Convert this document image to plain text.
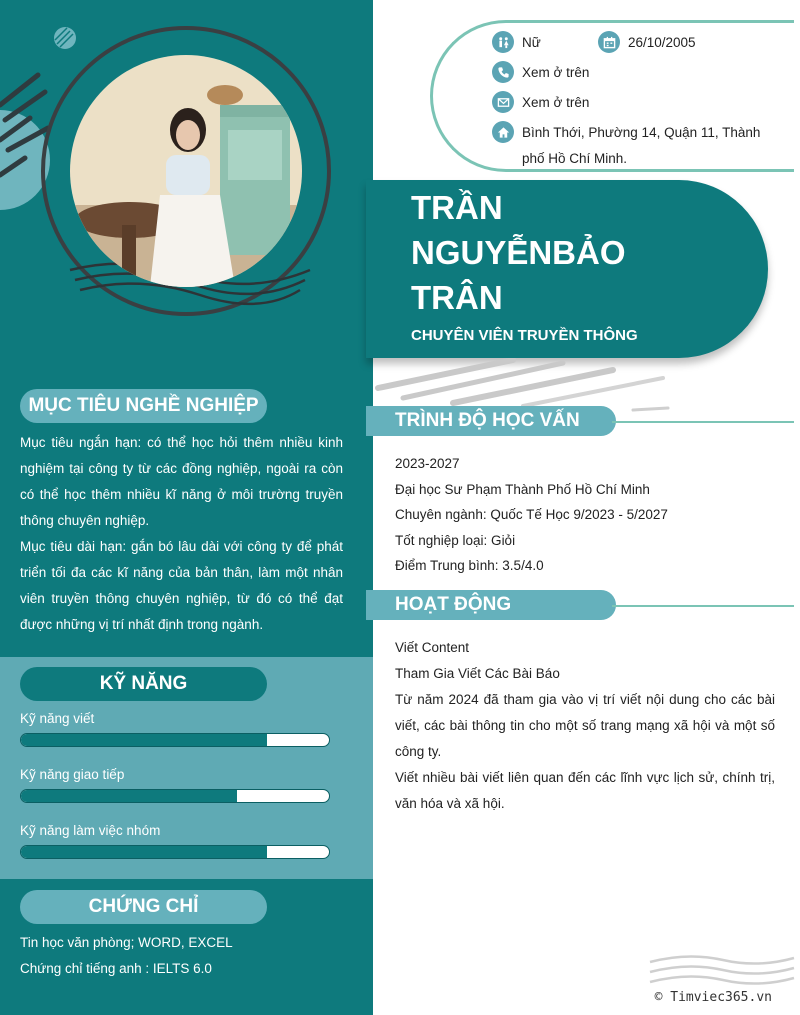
MỤC TIÊU NGHỀ NGHIỆP
Mục tiêu ngắn hạn: có thể học hỏi thêm nhiều kinh nghiệm tại công ty từ các đồng nghiệp, ngoài ra còn có thể học thêm nhiều kĩ năng ở môi trường truyền thông chuyên nghiệp.
Mục tiêu dài hạn: gắn bó lâu dài với công ty để phát triển tối đa các kĩ năng của bản thân, làm một nhân viên truyền thông chuyên nghiệp, từ đó có thể đạt được những vị trí nhất định trong ngành.
KỸ NĂNG
Kỹ năng viết
Kỹ năng giao tiếp
Kỹ năng làm việc nhóm
CHỨNG CHỈ
Tin học văn phòng; WORD, EXCEL
Chứng chỉ tiếng anh : IELTS 6.0
Nữ	26/10/2005
Xem ở trên
Xem ở trên
Bình Thới, Phường 14, Quận 11, Thành
phố Hồ Chí Minh.
TRẦN
NGUYỄNBẢO
TRÂN
CHUYÊN VIÊN TRUYỀN THÔNG
TRÌNH ĐỘ HỌC VẤN
2023-2027
Đại học Sư Phạm Thành Phố Hồ Chí Minh
Chuyên ngành: Quốc Tế Học 9/2023 - 5/2027
Tốt nghiệp loại: Giỏi
Điểm Trung bình: 3.5/4.0
HOẠT ĐỘNG
Viết Content
Tham Gia Viết Các Bài Báo
Từ năm 2024 đã tham gia vào vị trí viết nội dung cho các bài viết, các bài thông tin cho một số trang mạng xã hội và một số công ty.
Viết nhiều bài viết liên quan đến các lĩnh vực lịch sử, chính trị, văn hóa và xã hội.
© Timviec365.vn
